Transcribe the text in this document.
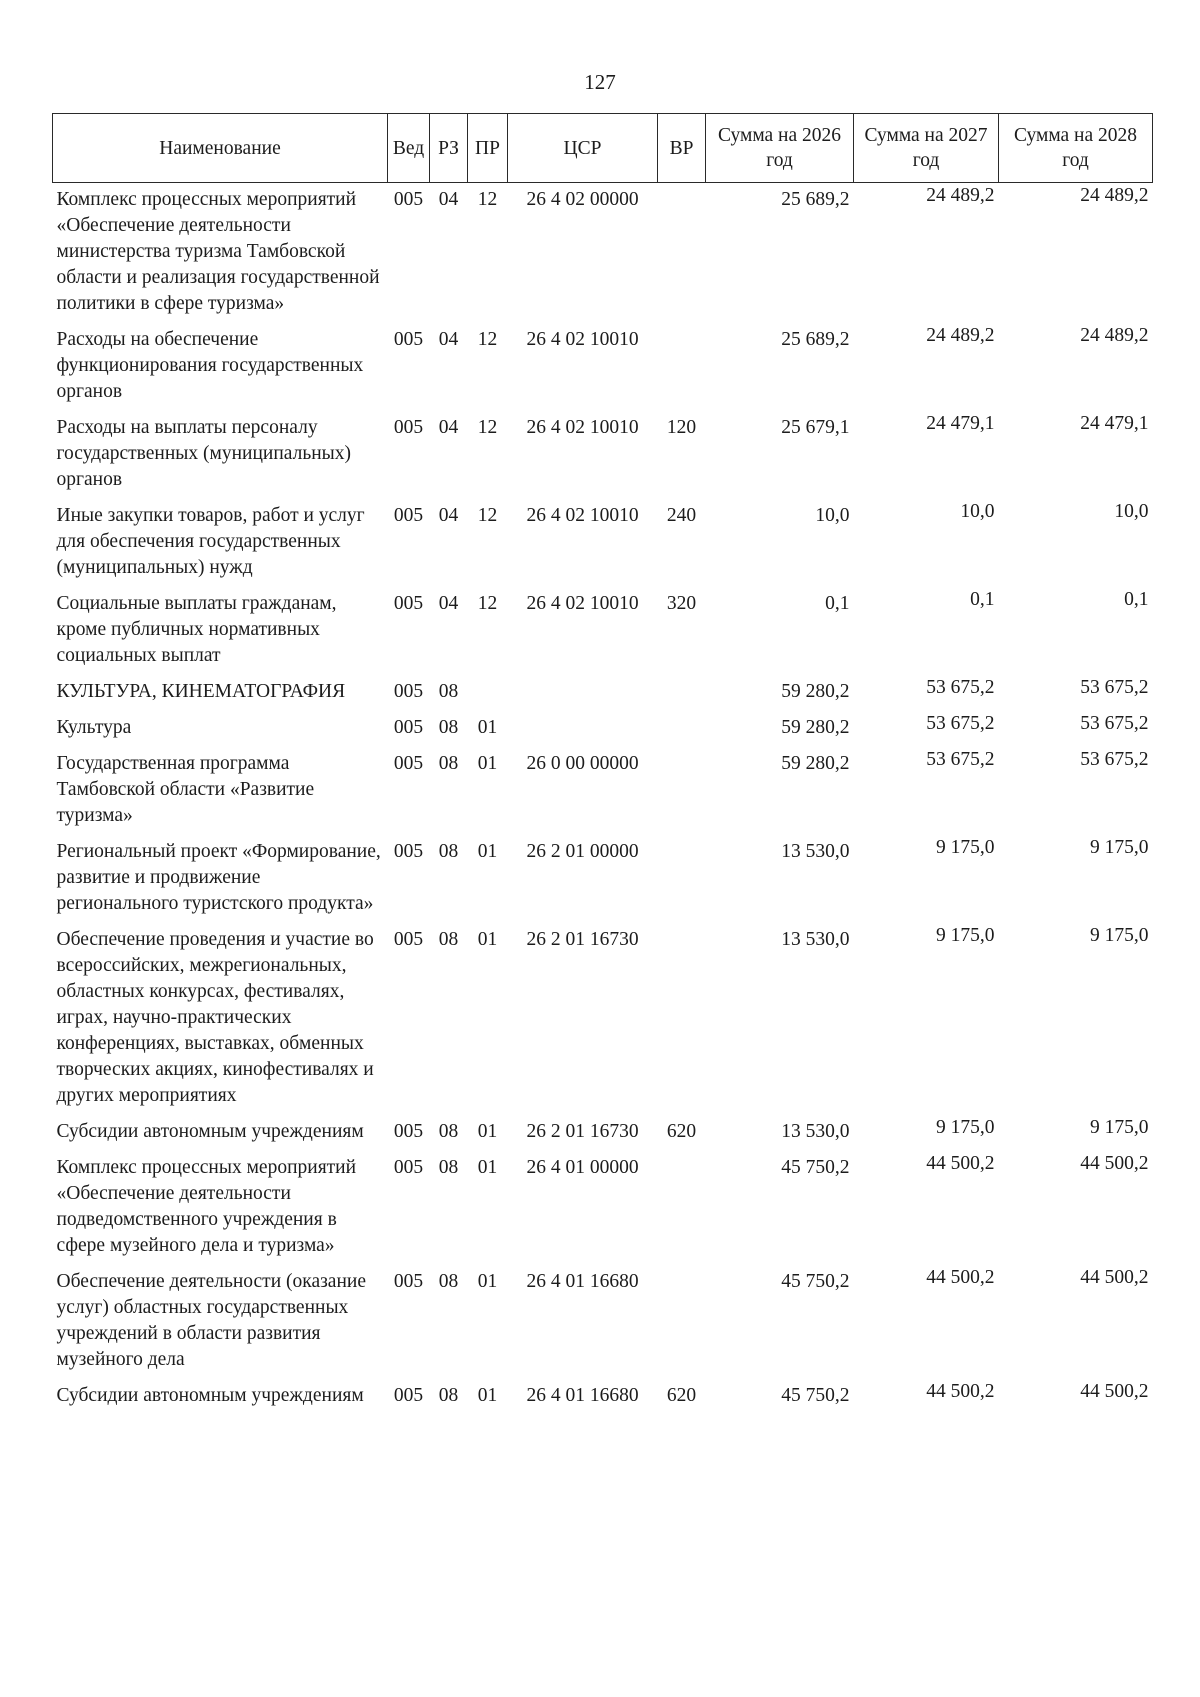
127
Наименование	Вед	РЗ	ПР	ЦСР	ВР	Сумма на 2026 год	Сумма на 2027 год	Сумма на 2028 год
Комплекс процессных мероприятий «Обеспечение деятельности министерства туризма Тамбовской области и реализация государственной политики в сфере туризма»	005	04	12	26 4 02 00000		25 689,2	24 489,2	24 489,2
Расходы на обеспечение функционирования государственных органов	005	04	12	26 4 02 10010		25 689,2	24 489,2	24 489,2
Расходы на выплаты персоналу государственных (муниципальных) органов	005	04	12	26 4 02 10010	120	25 679,1	24 479,1	24 479,1
Иные закупки товаров, работ и услуг для обеспечения государственных (муниципальных) нужд	005	04	12	26 4 02 10010	240	10,0	10,0	10,0
Социальные выплаты гражданам, кроме публичных нормативных социальных выплат	005	04	12	26 4 02 10010	320	0,1	0,1	0,1
КУЛЬТУРА, КИНЕМАТОГРАФИЯ	005	08				59 280,2	53 675,2	53 675,2
Культура	005	08	01			59 280,2	53 675,2	53 675,2
Государственная программа Тамбовской области «Развитие туризма»	005	08	01	26 0 00 00000		59 280,2	53 675,2	53 675,2
Региональный проект «Формирование, развитие и продвижение регионального туристского продукта»	005	08	01	26 2 01 00000		13 530,0	9 175,0	9 175,0
Обеспечение проведения и участие во всероссийских, межрегиональных, областных конкурсах, фестивалях, играх, научно-практических конференциях, выставках, обменных творческих акциях, кинофестивалях и других мероприятиях	005	08	01	26 2 01 16730		13 530,0	9 175,0	9 175,0
Субсидии автономным учреждениям	005	08	01	26 2 01 16730	620	13 530,0	9 175,0	9 175,0
Комплекс процессных мероприятий «Обеспечение деятельности подведомственного учреждения в сфере музейного дела и туризма»	005	08	01	26 4 01 00000		45 750,2	44 500,2	44 500,2
Обеспечение деятельности (оказание услуг) областных государственных учреждений в области развития музейного дела	005	08	01	26 4 01 16680		45 750,2	44 500,2	44 500,2
Субсидии автономным учреждениям	005	08	01	26 4 01 16680	620	45 750,2	44 500,2	44 500,2
